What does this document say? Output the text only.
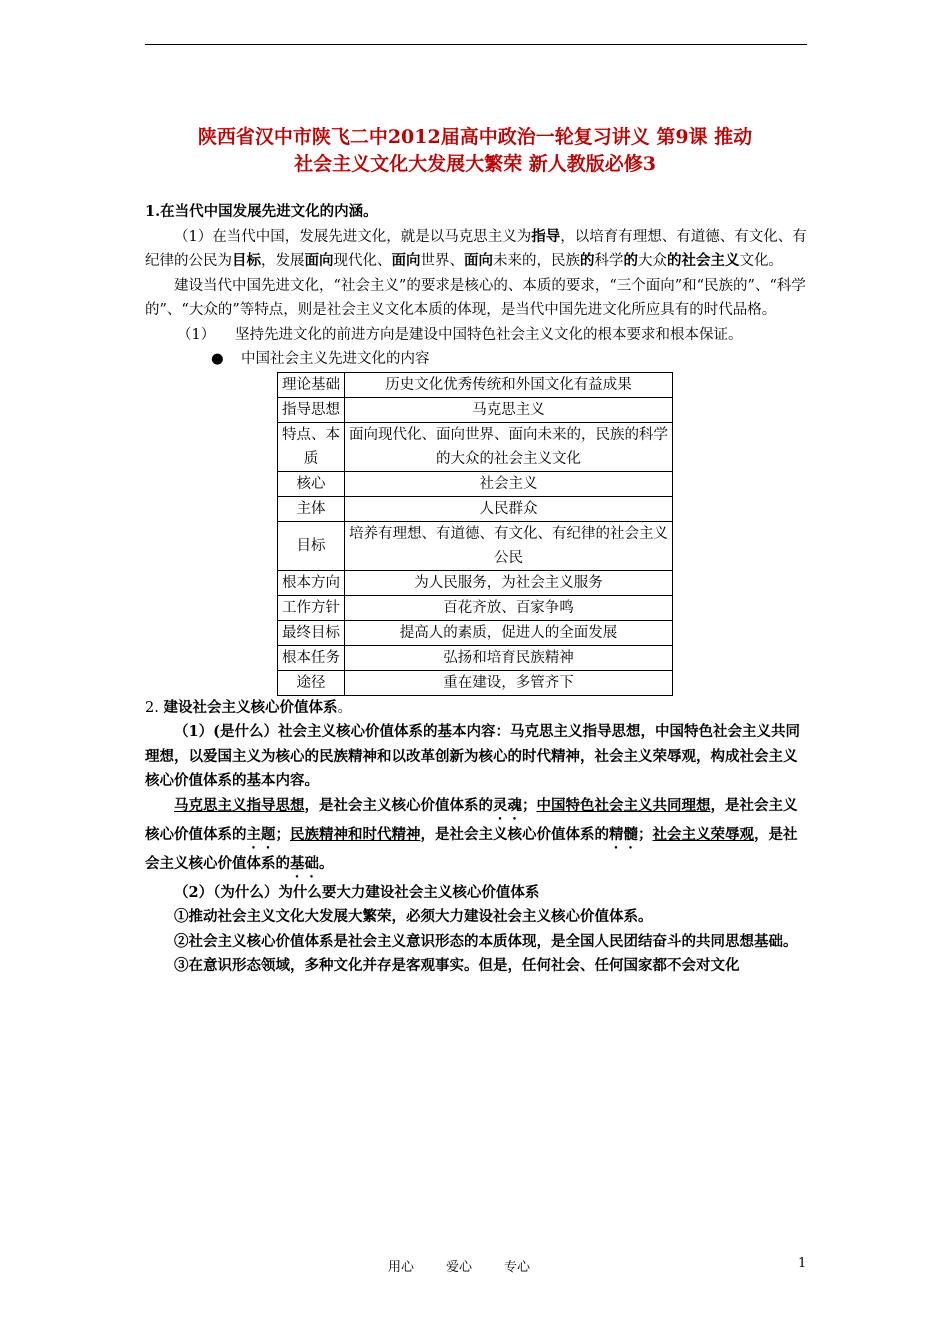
陕西省汉中市陕飞二中2012届高中政治一轮复习讲义 第9课 推动
社会主义文化大发展大繁荣 新人教版必修3

1.在当代中国发展先进文化的内涵。

（1）在当代中国，发展先进文化，就是以马克思主义为指导，以培育有理想、有道德、有文化、有纪律的公民为目标，发展面向现代化、面向世界、面向未来的，民族的科学的大众的社会主义文化。

建设当代中国先进文化，“社会主义”的要求是核心的、本质的要求，“三个面向”和“民族的”、“科学的”、“大众的”等特点，则是社会主义文化本质的体现，是当代中国先进文化所应具有的时代品格。

（1） 坚持先进文化的前进方向是建设中国特色社会主义文化的根本要求和根本保证。

● 中国社会主义先进文化的内容

理论基础	历史文化优秀传统和外国文化有益成果
指导思想	马克思主义
特点、本质	面向现代化、面向世界、面向未来的，民族的科学的大众的社会主义文化
核心	社会主义
主体	人民群众
目标	培养有理想、有道德、有文化、有纪律的社会主义公民
根本方向	为人民服务，为社会主义服务
工作方针	百花齐放、百家争鸣
最终目标	提高人的素质，促进人的全面发展
根本任务	弘扬和培育民族精神
途径	重在建设，多管齐下

2. 建设社会主义核心价值体系。

（1）(是什么）社会主义核心价值体系的基本内容：马克思主义指导思想，中国特色社会主义共同理想，以爱国主义为核心的民族精神和以改革创新为核心的时代精神，社会主义荣辱观，构成社会主义核心价值体系的基本内容。

马克思主义指导思想，是社会主义核心价值体系的灵魂；中国特色社会主义共同理想，是社会主义核心价值体系的主题；民族精神和时代精神，是社会主义核心价值体系的精髓；社会主义荣辱观，是社会主义核心价值体系的基础。

（2）（为什么）为什么要大力建设社会主义核心价值体系

①推动社会主义文化大发展大繁荣，必须大力建设社会主义核心价值体系。

②社会主义核心价值体系是社会主义意识形态的本质体现，是全国人民团结奋斗的共同思想基础。

③在意识形态领域，多种文化并存是客观事实。但是，任何社会、任何国家都不会对文化

用心 爱心 专心	1
